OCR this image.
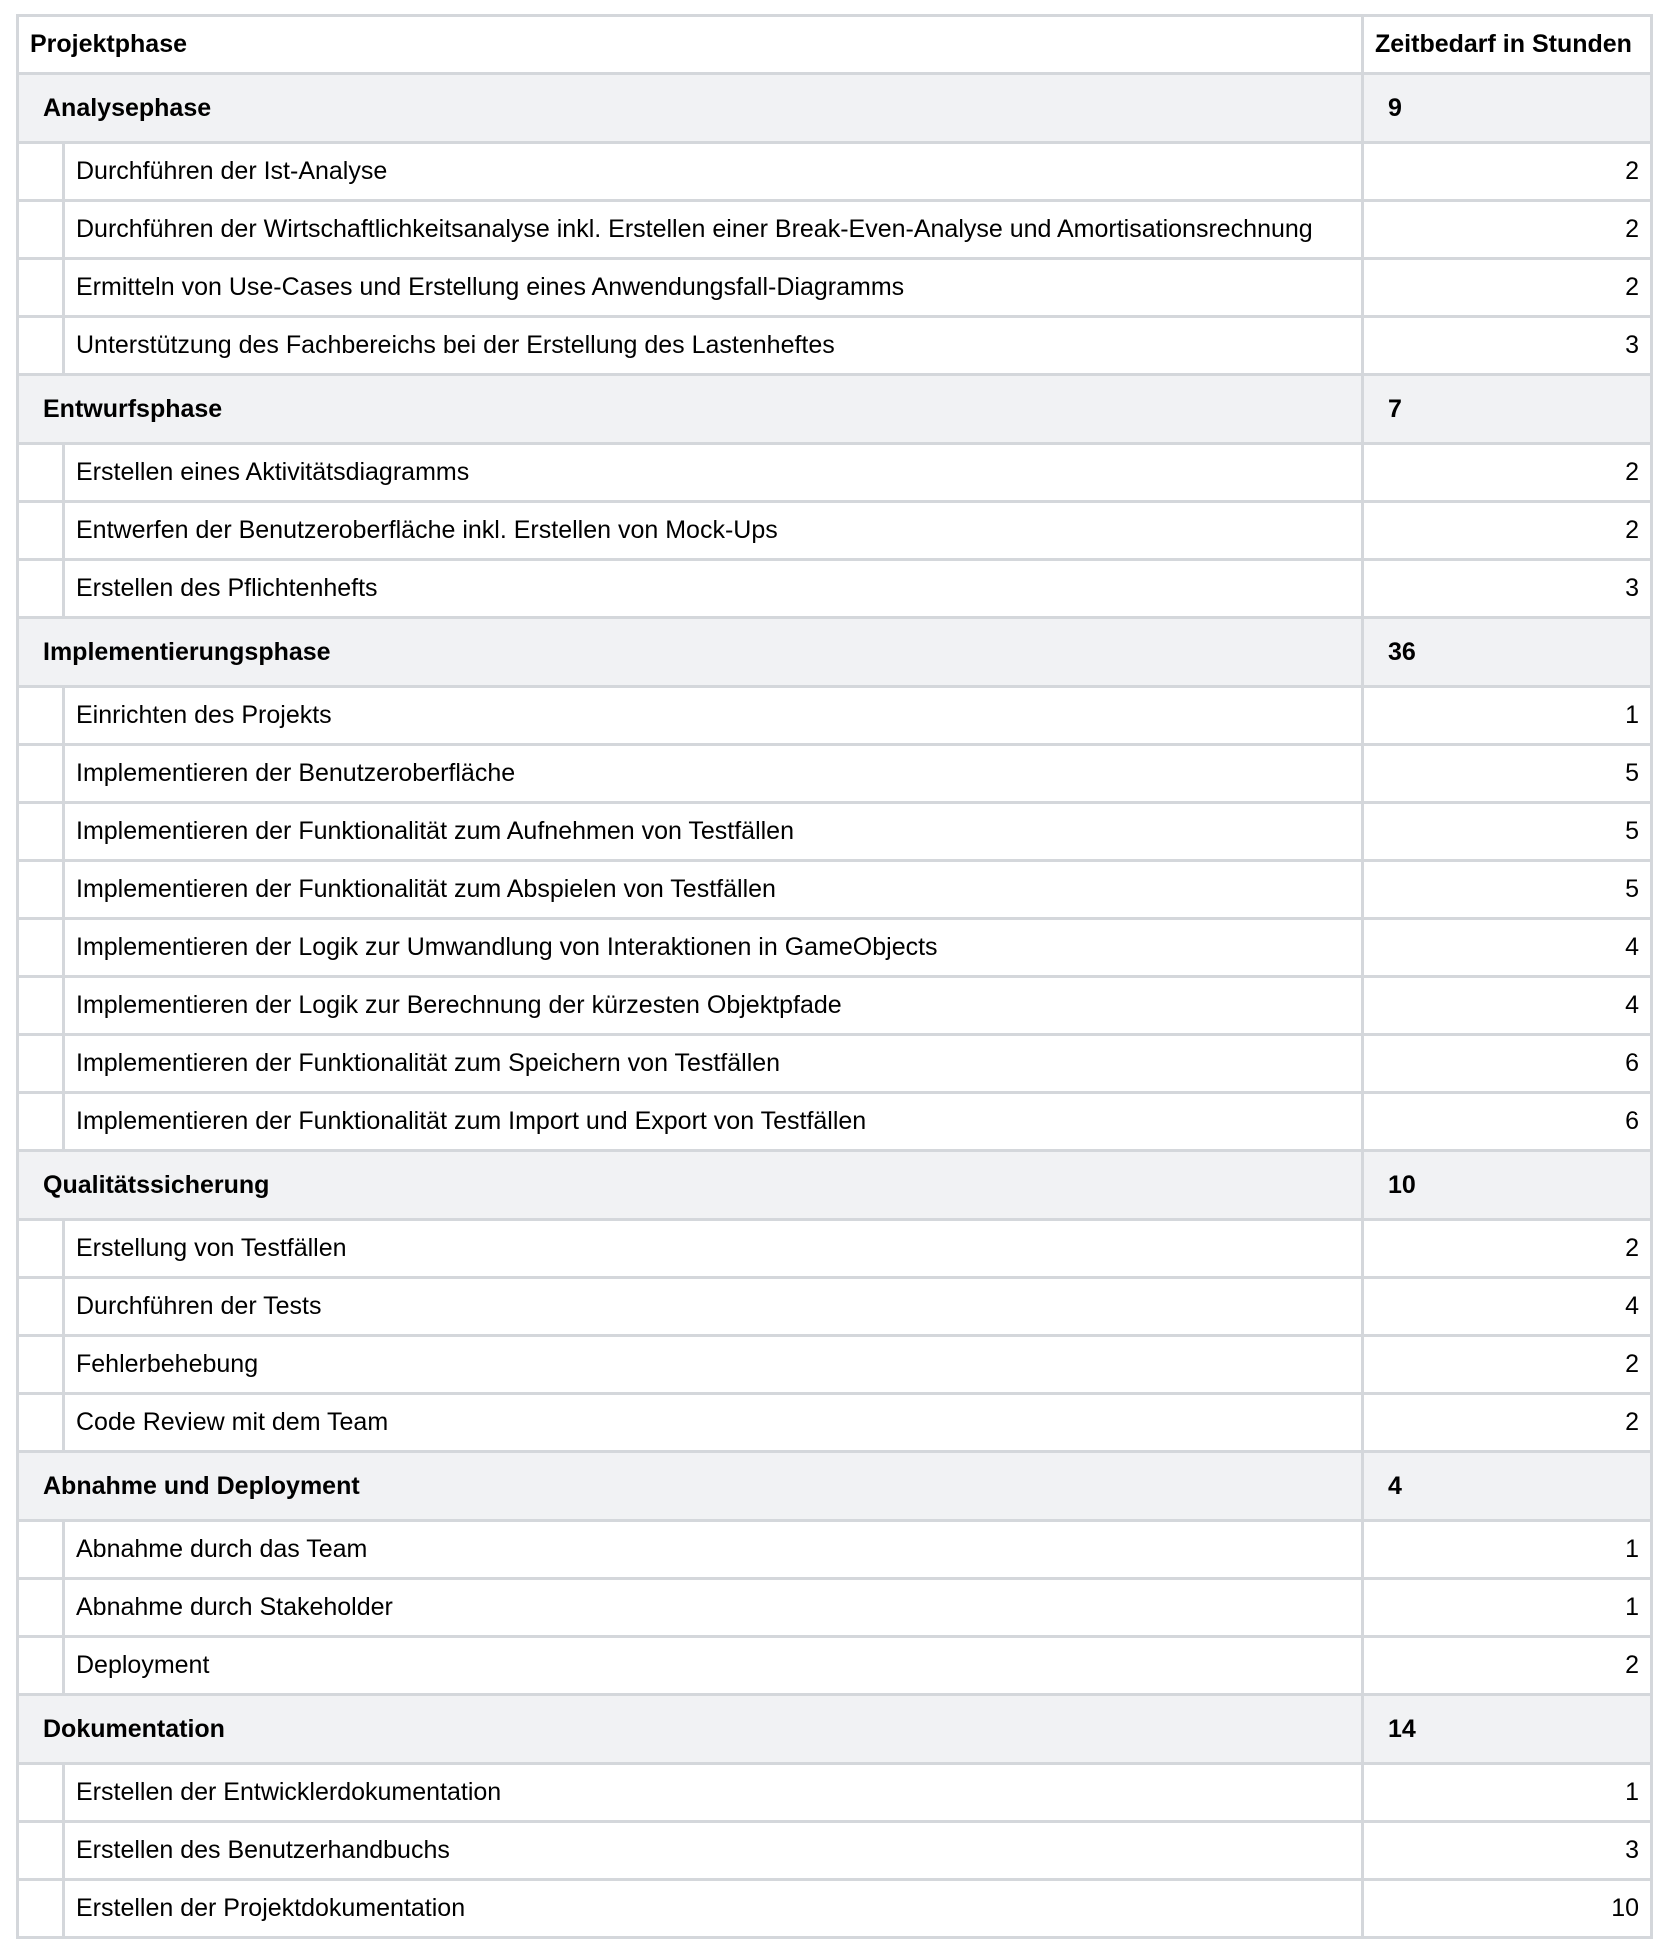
Projektphase	Zeitbedarf in Stunden
Analysephase	9
Durchführen der Ist-Analyse	2
Durchführen der Wirtschaftlichkeitsanalyse inkl. Erstellen einer Break-Even-Analyse und Amortisationsrechnung	2
Ermitteln von Use-Cases und Erstellung eines Anwendungsfall-Diagramms	2
Unterstützung des Fachbereichs bei der Erstellung des Lastenheftes	3
Entwurfsphase	7
Erstellen eines Aktivitätsdiagramms	2
Entwerfen der Benutzeroberfläche inkl. Erstellen von Mock-Ups	2
Erstellen des Pflichtenhefts	3
Implementierungsphase	36
Einrichten des Projekts	1
Implementieren der Benutzeroberfläche	5
Implementieren der Funktionalität zum Aufnehmen von Testfällen	5
Implementieren der Funktionalität zum Abspielen von Testfällen	5
Implementieren der Logik zur Umwandlung von Interaktionen in GameObjects	4
Implementieren der Logik zur Berechnung der kürzesten Objektpfade	4
Implementieren der Funktionalität zum Speichern von Testfällen	6
Implementieren der Funktionalität zum Import und Export von Testfällen	6
Qualitätssicherung	10
Erstellung von Testfällen	2
Durchführen der Tests	4
Fehlerbehebung	2
Code Review mit dem Team	2
Abnahme und Deployment	4
Abnahme durch das Team	1
Abnahme durch Stakeholder	1
Deployment	2
Dokumentation	14
Erstellen der Entwicklerdokumentation	1
Erstellen des Benutzerhandbuchs	3
Erstellen der Projektdokumentation	10
